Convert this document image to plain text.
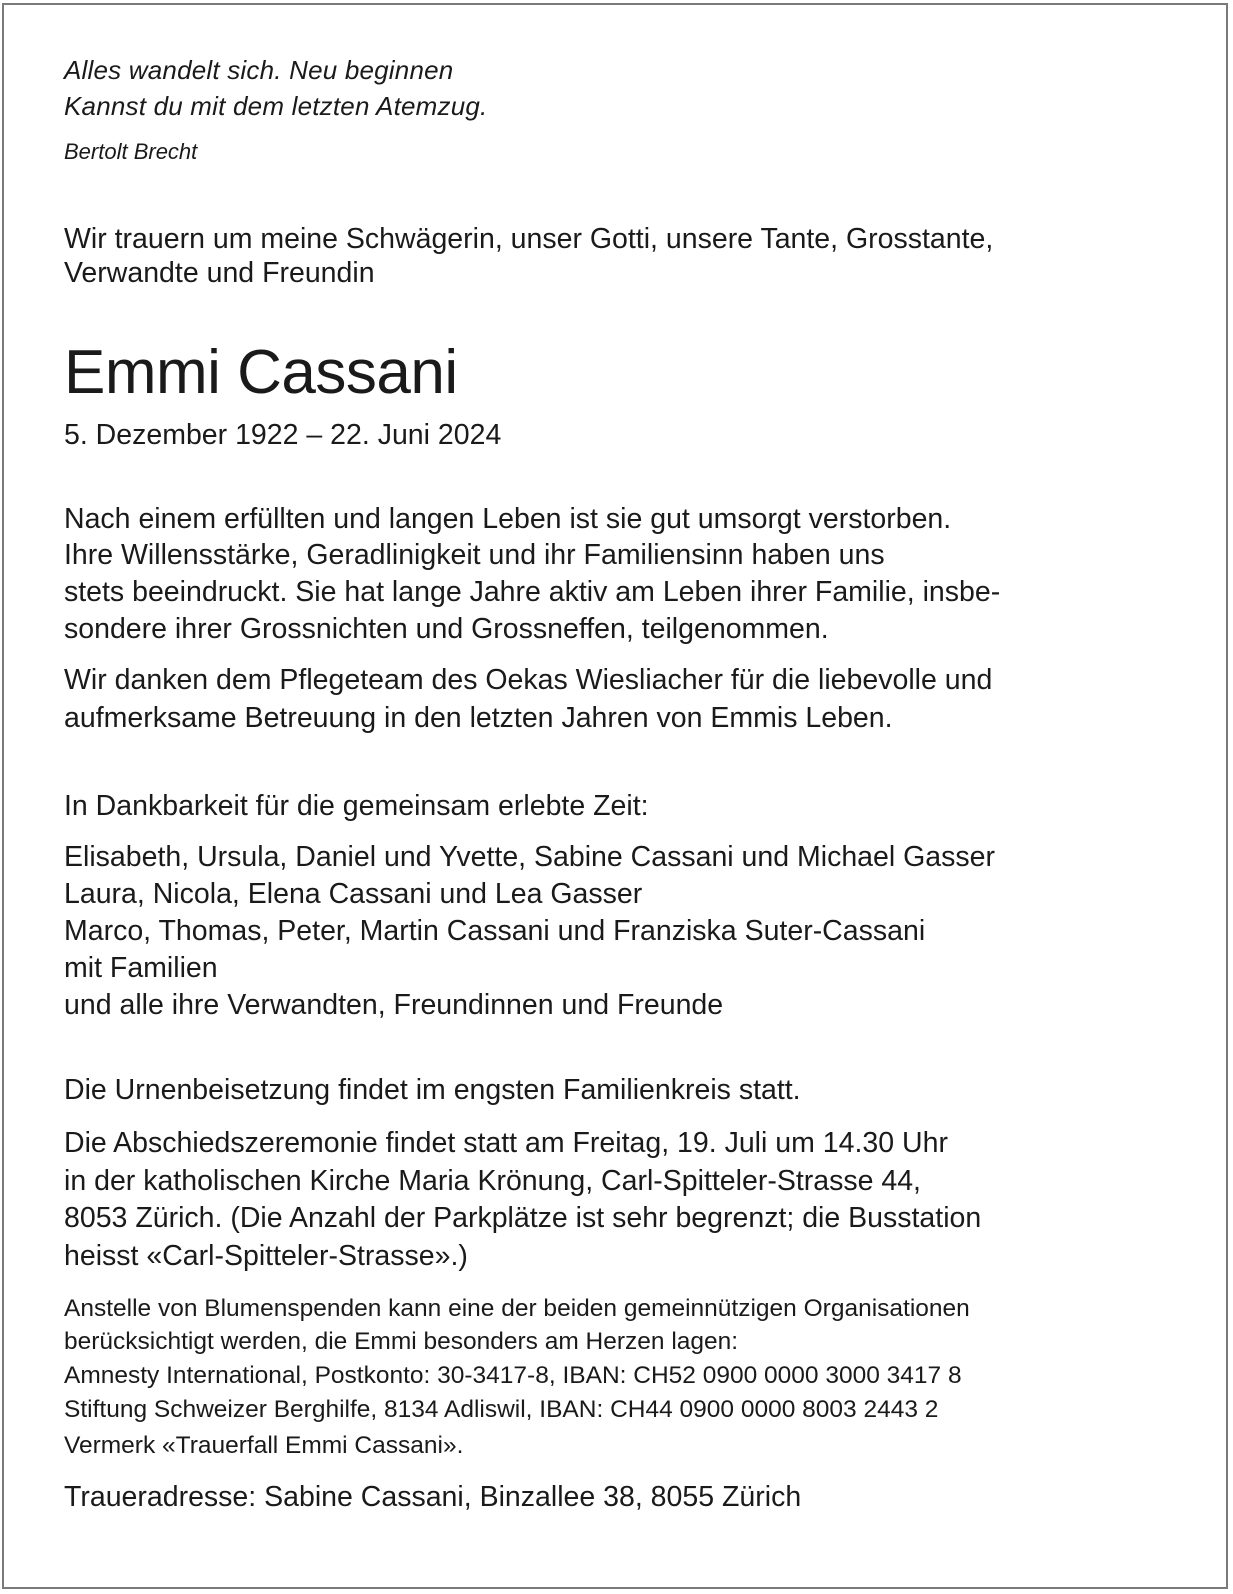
Alles wandelt sich. Neu beginnen
Kannst du mit dem letzten Atemzug.
Bertolt Brecht
Wir trauern um meine Schwägerin, unser Gotti, unsere Tante, Grosstante,
Verwandte und Freundin
Emmi Cassani
5. Dezember 1922 – 22. Juni 2024
Nach einem erfüllten und langen Leben ist sie gut umsorgt verstorben.
Ihre Willensstärke, Geradlinigkeit und ihr Familiensinn haben uns
stets beeindruckt. Sie hat lange Jahre aktiv am Leben ihrer Familie, insbe-
sondere ihrer Grossnichten und Grossneffen, teilgenommen.
Wir danken dem Pflegeteam des Oekas Wiesliacher für die liebevolle und
aufmerksame Betreuung in den letzten Jahren von Emmis Leben.
In Dankbarkeit für die gemeinsam erlebte Zeit:
Elisabeth, Ursula, Daniel und Yvette, Sabine Cassani und Michael Gasser
Laura, Nicola, Elena Cassani und Lea Gasser
Marco, Thomas, Peter, Martin Cassani und Franziska Suter-Cassani
mit Familien
und alle ihre Verwandten, Freundinnen und Freunde
Die Urnenbeisetzung findet im engsten Familienkreis statt.
Die Abschiedszeremonie findet statt am Freitag, 19. Juli um 14.30 Uhr
in der katholischen Kirche Maria Krönung, Carl-Spitteler-Strasse 44,
8053 Zürich. (Die Anzahl der Parkplätze ist sehr begrenzt; die Busstation
heisst «Carl-Spitteler-Strasse».)
Anstelle von Blumenspenden kann eine der beiden gemeinnützigen Organisationen
berücksichtigt werden, die Emmi besonders am Herzen lagen:
Amnesty International, Postkonto: 30-3417-8, IBAN: CH52 0900 0000 3000 3417 8
Stiftung Schweizer Berghilfe, 8134 Adliswil, IBAN: CH44 0900 0000 8003 2443 2
Vermerk «Trauerfall Emmi Cassani».
Traueradresse: Sabine Cassani, Binzallee 38, 8055 Zürich
